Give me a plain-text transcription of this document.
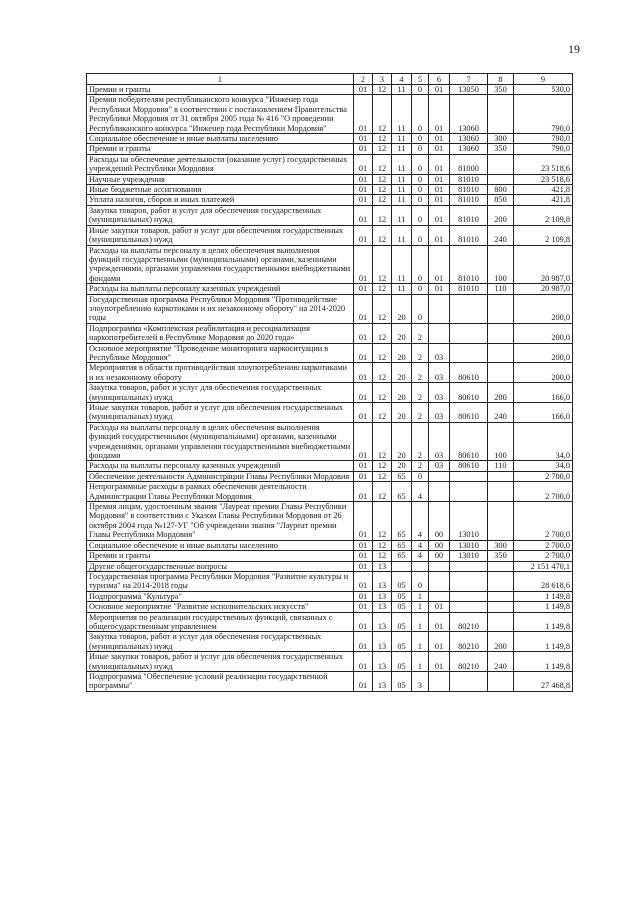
19
1	2	3	4	5	6	7	8	9
Премии и гранты	01	12	11	0	01	13050	350	530,0
Премия победителям республиканского конкурса "Инженер года Республики Мордовия" в соответствии с постановлением Правительства Республики Мордовия от 31 октября 2005 года № 416 "О проведении Республиканского конкурса "Инженер года Республики Мордовия"	01	12	11	0	01	13060		790,0
Социальное обеспечение и иные выплаты населению	01	12	11	0	01	13060	300	790,0
Премии и гранты	01	12	11	0	01	13060	350	790,0
Расходы на обеспечение деятельности (оказание услуг) государственных учреждений Республики Мордовия	01	12	11	0	01	81000		23 518,6
Научные учреждения	01	12	11	0	01	81010		23 518,6
Иные бюджетные ассигнования	01	12	11	0	01	81010	800	421,8
Уплата налогов, сборов и иных платежей	01	12	11	0	01	81010	850	421,8
Закупка товаров, работ и услуг для обеспечения государственных (муниципальных) нужд	01	12	11	0	01	81010	200	2 109,8
Иные закупки товаров, работ и услуг для обеспечения государственных (муниципальных) нужд	01	12	11	0	01	81010	240	2 109,8
Расходы на выплаты персоналу в целях обеспечения выполнения функций государственными (муниципальными) органами, казенными учреждениями, органами управления государственными внебюджетными фондами	01	12	11	0	01	81010	100	20 987,0
Расходы на выплаты персоналу казенных учреждений	01	12	11	0	01	81010	110	20 987,0
Государственная программа Республики Мордовия "Противодействие злоупотреблению наркотиками и их незаконному обороту" на 2014-2020 годы	01	12	20	0				200,0
Подпрограмма «Комплексная реабилитация и ресоциализация наркопотребителей в Республике Мордовия до 2020 года»	01	12	20	2				200,0
Основное мероприятие "Проведение мониторинга наркоситуации в Республике Мордовия"	01	12	20	2	03			200,0
Мероприятия в области противодействия злоупотреблению наркотиками и их незаконному обороту	01	12	20	2	03	80610		200,0
Закупка товаров, работ и услуг для обеспечения государственных (муниципальных) нужд	01	12	20	2	03	80610	200	166,0
Иные закупки товаров, работ и услуг для обеспечения государственных (муниципальных) нужд	01	12	20	2	03	80610	240	166,0
Расходы на выплаты персоналу в целях обеспечения выполнения функций государственными (муниципальными) органами, казенными учреждениями, органами управления государственными внебюджетными фондами	01	12	20	2	03	80610	100	34,0
Расходы на выплаты персоналу казенных учреждений	01	12	20	2	03	80610	110	34,0
Обеспечение деятельности Администрации Главы Республики Мордовия	01	12	65	0				2 700,0
Непрограммные расходы в рамках обеспечения деятельности Администрации Главы Республики Мордовия	01	12	65	4				2 700,0
Премия лицам, удостоенным звания "Лауреат премии Главы Республики Мордовия" в соответствии с Указом Главы Республики Мордовия от 26 октября 2004 года №127-УГ "Об учреждении звания "Лауреат премии Главы Республики Мордовия"	01	12	65	4	00	13010		2 700,0
Социальное обеспечение и иные выплаты населению	01	12	65	4	00	13010	300	2 700,0
Премии и гранты	01	12	65	4	00	13010	350	2 700,0
Другие общегосударственные вопросы	01	13						2 151 470,1
Государственная программа Республики Мордовия "Развитие культуры и туризма" на 2014-2018 годы	01	13	05	0				28 618,6
Подпрограмма "Культура"	01	13	05	1				1 149,8
Основное мероприятие "Развитие исполнительских искусств"	01	13	05	1	01			1 149,8
Мероприятия по реализации государственных функций, связанных с общегосударственным управлением	01	13	05	1	01	80210		1 149,8
Закупка товаров, работ и услуг для обеспечения государственных (муниципальных) нужд	01	13	05	1	01	80210	200	1 149,8
Иные закупки товаров, работ и услуг для обеспечения государственных (муниципальных) нужд	01	13	05	1	01	80210	240	1 149,8
Подпрограмма "Обеспечение условий реализации государственной программы"	01	13	05	3				27 468,8
